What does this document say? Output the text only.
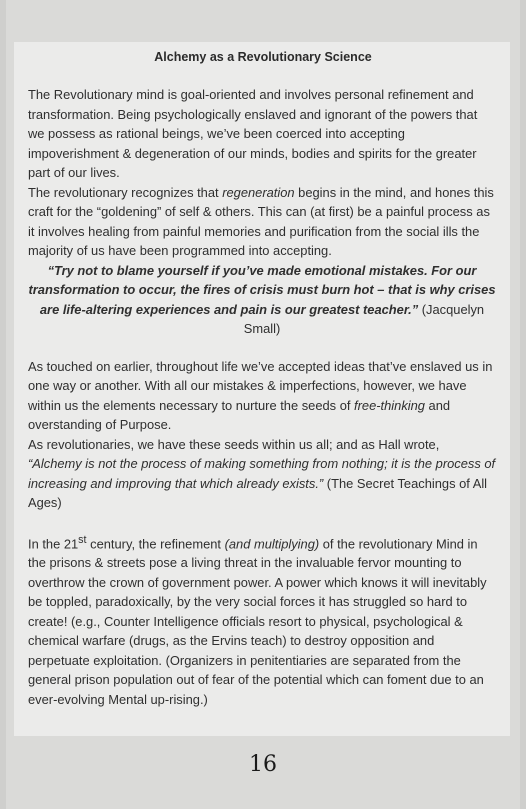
Alchemy as a Revolutionary Science

The Revolutionary mind is goal-oriented and involves personal refinement and transformation. Being psychologically enslaved and ignorant of the powers that we possess as rational beings, we’ve been coerced into accepting impoverishment & degeneration of our minds, bodies and spirits for the greater part of our lives.

The revolutionary recognizes that regeneration begins in the mind, and hones this craft for the “goldening” of self & others. This can (at first) be a painful process as it involves healing from painful memories and purification from the social ills the majority of us have been programmed into accepting.

“Try not to blame yourself if you’ve made emotional mistakes. For our transformation to occur, the fires of crisis must burn hot – that is why crises are life-altering experiences and pain is our greatest teacher.” (Jacquelyn Small)

As touched on earlier, throughout life we’ve accepted ideas that’ve enslaved us in one way or another. With all our mistakes & imperfections, however, we have within us the elements necessary to nurture the seeds of free-thinking and overstanding of Purpose.

As revolutionaries, we have these seeds within us all; and as Hall wrote, “Alchemy is not the process of making something from nothing; it is the process of increasing and improving that which already exists.” (The Secret Teachings of All Ages)

In the 21st century, the refinement (and multiplying) of the revolutionary Mind in the prisons & streets pose a living threat in the invaluable fervor mounting to overthrow the crown of government power. A power which knows it will inevitably be toppled, paradoxically, by the very social forces it has struggled so hard to create! (e.g., Counter Intelligence officials resort to physical, psychological & chemical warfare (drugs, as the Ervins teach) to destroy opposition and perpetuate exploitation. (Organizers in penitentiaries are separated from the general prison population out of fear of the potential which can foment due to an ever-evolving Mental up-rising.)

16
